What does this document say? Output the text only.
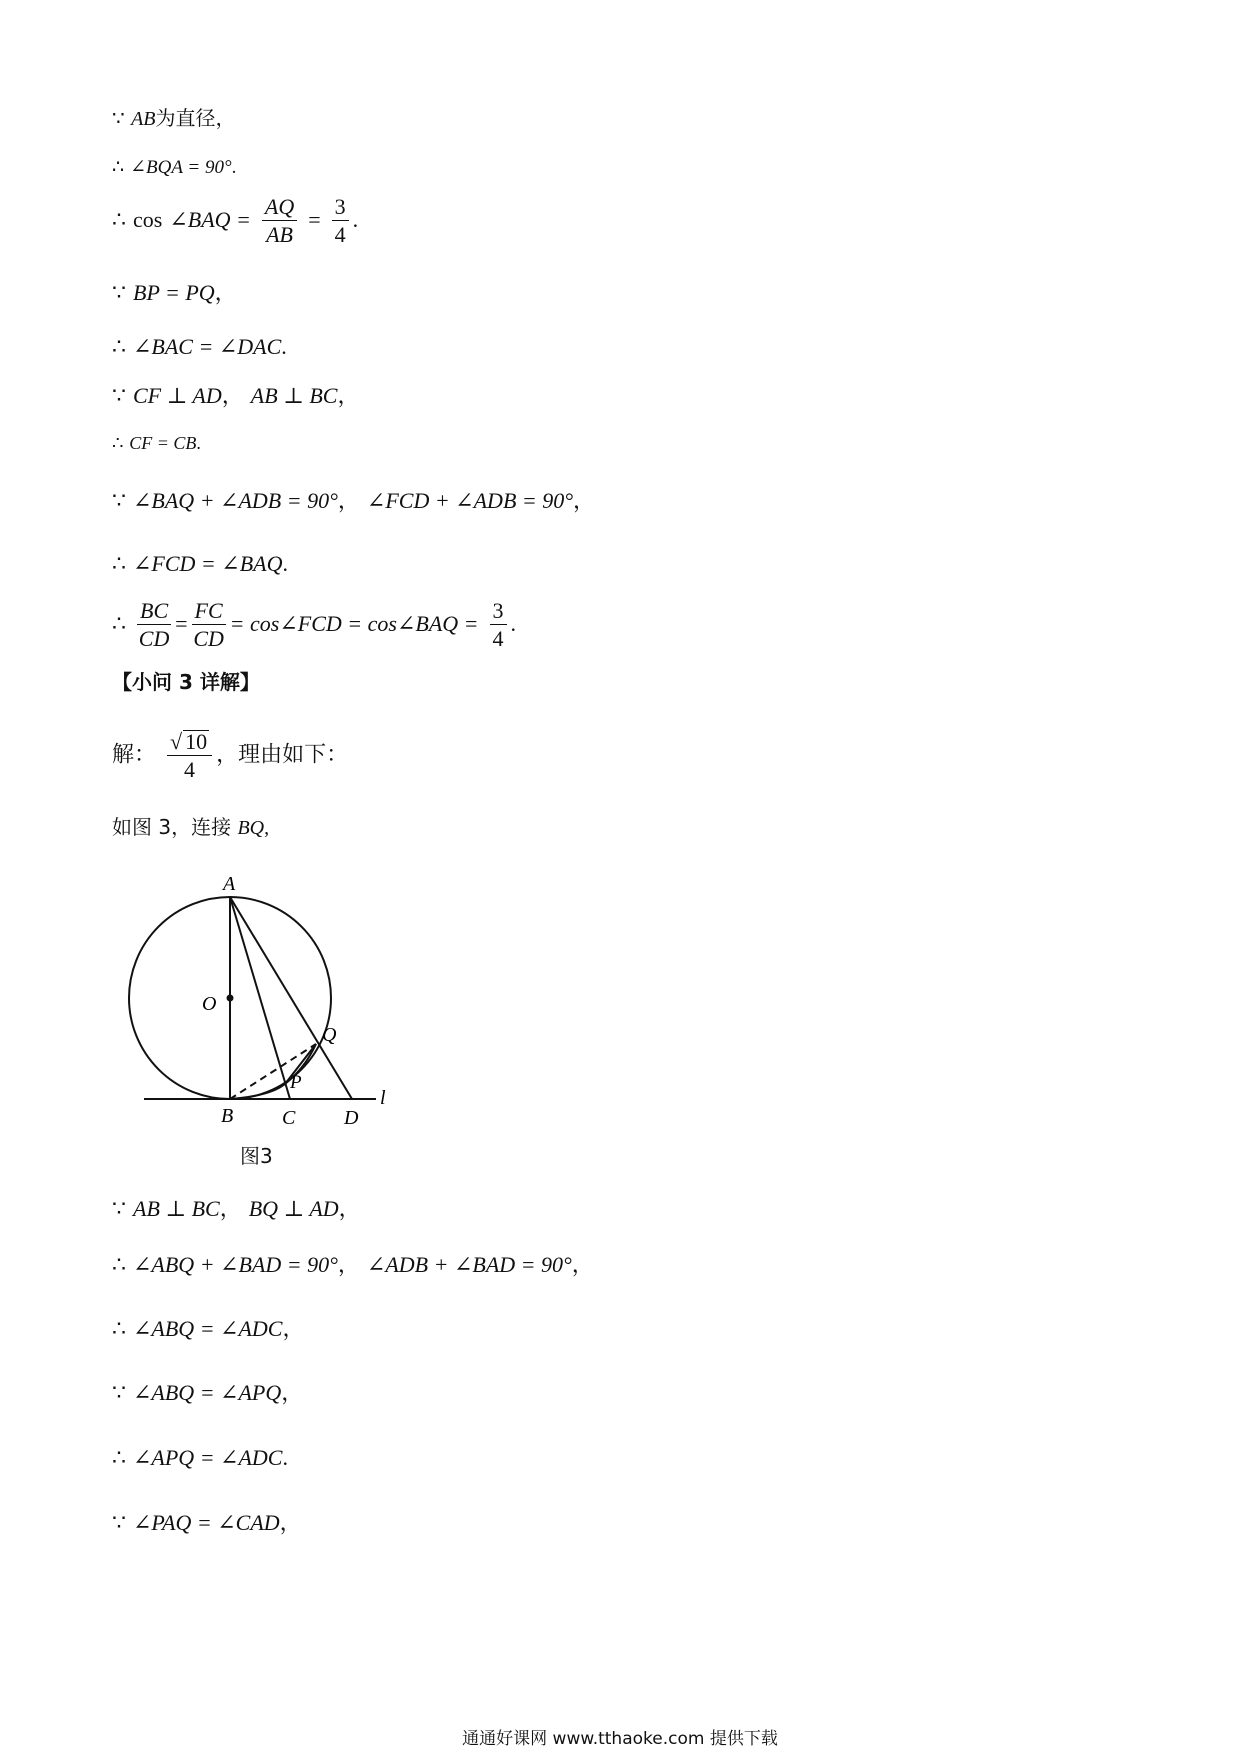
∵ AB为直径，
∴ ∠BQA = 90°.
∴ cos ∠BAQ = $\frac{AQ}{AB} = \frac{3}{4}$ .
∵ BP = PQ，
∴ ∠BAC = ∠DAC.
∵ CF ⊥ AD， AB ⊥ BC，
∴ CF = CB.
∵ ∠BAQ + ∠ADB = 90°， ∠FCD + ∠ADB = 90°，
∴ ∠FCD = ∠BAQ.
∴ $\frac{BC}{CD} = \frac{FC}{CD}$ = cos∠FCD = cos∠BAQ = $\frac{3}{4}$ .
【小问 3 详解】
解： $\frac{√ 10}{4}$ ，理由如下：
如图 3，连接 BQ,
A
O
Q
P
B C D
l
图3
∵ AB ⊥ BC， BQ ⊥ AD，
∴ ∠ABQ + ∠BAD = 90°， ∠ADB + ∠BAD = 90°，
∴ ∠ABQ = ∠ADC，
∵ ∠ABQ = ∠APQ，
∴ ∠APQ = ∠ADC.
∵ ∠PAQ = ∠CAD，
通通好课网 www.tthaoke.com 提供下载
